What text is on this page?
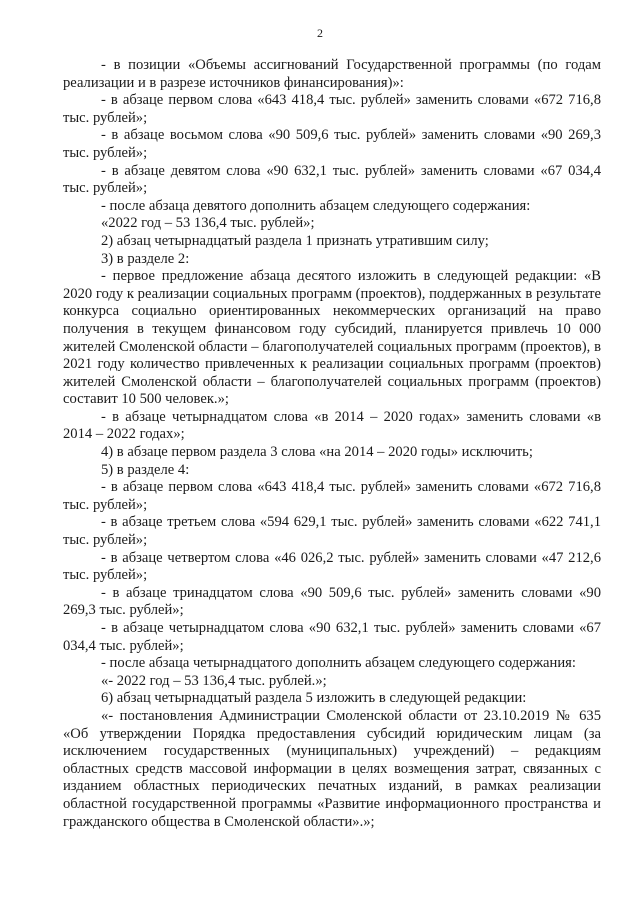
2

- в позиции «Объемы ассигнований Государственной программы (по годам реализации и в разрезе источников финансирования)»:

- в абзаце первом слова «643 418,4 тыс. рублей» заменить словами «672 716,8 тыс. рублей»;

- в абзаце восьмом слова «90 509,6 тыс. рублей» заменить словами «90 269,3 тыс. рублей»;

- в абзаце девятом слова «90 632,1 тыс. рублей» заменить словами «67 034,4 тыс. рублей»;

- после абзаца девятого дополнить абзацем следующего содержания:

«2022 год – 53 136,4 тыс. рублей»;

2) абзац четырнадцатый раздела 1 признать утратившим силу;

3) в разделе 2:

- первое предложение абзаца десятого изложить в следующей редакции: «В 2020 году к реализации социальных программ (проектов), поддержанных в результате конкурса социально ориентированных некоммерческих организаций на право получения в текущем финансовом году субсидий, планируется привлечь 10 000 жителей Смоленской области – благополучателей социальных программ (проектов), в 2021 году количество привлеченных к реализации социальных программ (проектов) жителей Смоленской области – благополучателей социальных программ (проектов) составит 10 500 человек.»;

- в абзаце четырнадцатом слова «в 2014 – 2020 годах» заменить словами «в 2014 – 2022 годах»;

4) в абзаце первом раздела 3 слова «на 2014 – 2020 годы» исключить;

5) в разделе 4:

- в абзаце первом слова «643 418,4 тыс. рублей» заменить словами «672 716,8 тыс. рублей»;

- в абзаце третьем слова «594 629,1 тыс. рублей» заменить словами «622 741,1 тыс. рублей»;

- в абзаце четвертом слова «46 026,2 тыс. рублей» заменить словами «47 212,6 тыс. рублей»;

- в абзаце тринадцатом слова «90 509,6 тыс. рублей» заменить словами «90 269,3 тыс. рублей»;

- в абзаце четырнадцатом слова «90 632,1 тыс. рублей» заменить словами «67 034,4 тыс. рублей»;

- после абзаца четырнадцатого дополнить абзацем следующего содержания:

«- 2022 год – 53 136,4 тыс. рублей.»;

6) абзац четырнадцатый раздела 5 изложить в следующей редакции:

«- постановления Администрации Смоленской области от 23.10.2019 № 635 «Об утверждении Порядка предоставления субсидий юридическим лицам (за исключением государственных (муниципальных) учреждений) – редакциям областных средств массовой информации в целях возмещения затрат, связанных с изданием областных периодических печатных изданий, в рамках реализации областной государственной программы «Развитие информационного пространства и гражданского общества в Смоленской области».»;
